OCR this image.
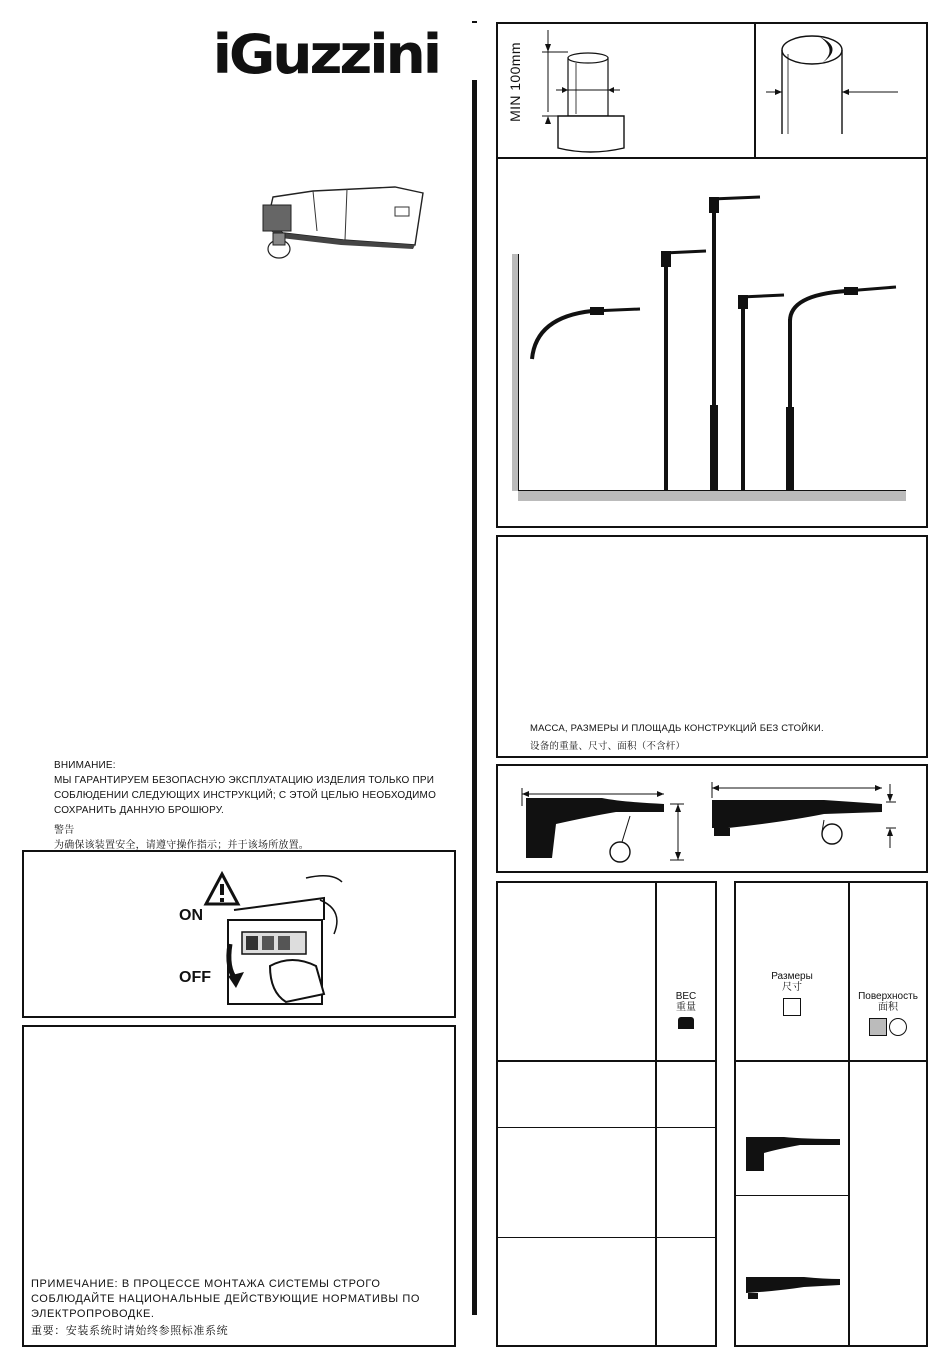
iGuzzini
ВНИМАНИЕ:
МЫ ГАРАНТИРУЕМ БЕЗОПАСНУЮ ЭКСПЛУАТАЦИЮ ИЗДЕЛИЯ ТОЛЬКО ПРИ СОБЛЮДЕНИИ СЛЕДУЮЩИХ ИНСТРУКЦИЙ; С ЭТОЙ ЦЕЛЬЮ НЕОБХОДИМО СОХРАНИТЬ ДАННУЮ БРОШЮРУ.
警告
为确保该装置安全，请遵守操作指示；并于该场所放置。
ON
OFF
ПРИМЕЧАНИЕ: В ПРОЦЕССЕ МОНТАЖА СИСТЕМЫ СТРОГО СОБЛЮДАЙТЕ НАЦИОНАЛЬНЫЕ ДЕЙСТВУЮЩИЕ НОРМАТИВЫ ПО ЭЛЕКТРОПРОВОДКЕ.
重要：安装系统时请始终参照标准系统
MIN 100mm
МАССА, РАЗМЕРЫ И ПЛОЩАДЬ КОНСТРУКЦИЙ БЕЗ СТОЙКИ.
设备的重量、尺寸、面积（不含杆）
ВЕС
重量
Размеры
尺寸
Поверхность
面积
